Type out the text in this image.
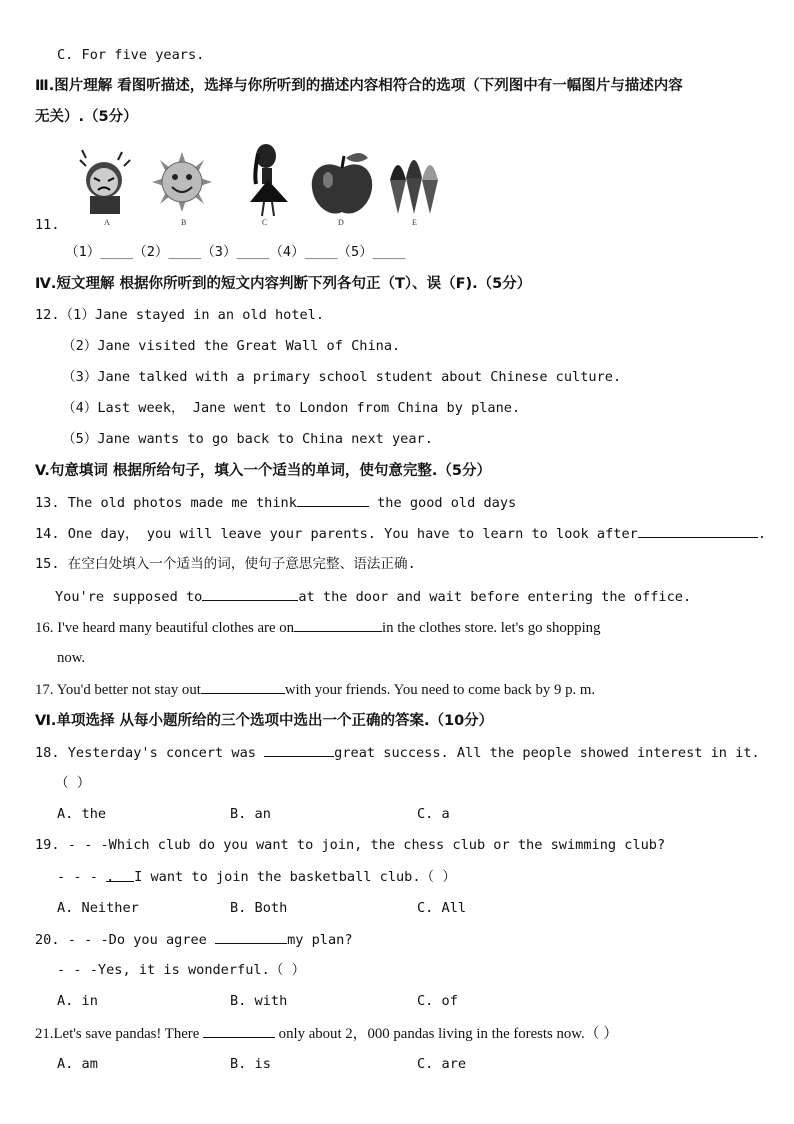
C. For five years.
Ⅲ.图片理解 看图听描述，选择与你所听到的描述内容相符合的选项（下列图中有一幅图片与描述内容
无关）.（5分）
A	B	C	D	E
11.
（1）____（2）____（3）____（4）____（5）____
Ⅳ.短文理解 根据你所听到的短文内容判断下列各句正（T）、误（F).（5分）
12.（1）Jane stayed in an old hotel.
（2）Jane visited the Great Wall of China.
（3）Jane talked with a primary school student about Chinese culture.
（4）Last week， Jane went to London from China by plane.
（5）Jane wants to go back to China next year.
V.句意填词 根据所给句子，填入一个适当的单词，使句意完整.（5分）
13. The old photos made me think	the good old days
14. One day， you will leave your parents. You have to learn to look after	.
15. 在空白处填入一个适当的词，使句子意思完整、语法正确.
You're supposed to	at the door and wait before entering the office.
16. I've heard many beautiful clothes are on	in the clothes store. let's go shopping
now.
17. You'd better not stay out	with your friends. You need to come back by 9 p. m.
Ⅵ.单项选择 从每小题所给的三个选项中选出一个正确的答案.（10分）
18. Yesterday's concert was	great success. All the people showed interest in it.
（ ）
A. the	B. an	C. a
19. - - -Which club do you want to join, the chess club or the swimming club?
- - - . I want to join the basketball club.（ ）
A. Neither	B. Both	C. All
20. - - -Do you agree	my plan?
- - -Yes, it is wonderful.（ ）
A. in	B. with	C. of
21.Let's save pandas! There	only about 2，000 pandas living in the forests now.（ ）
A. am	B. is	C. are
